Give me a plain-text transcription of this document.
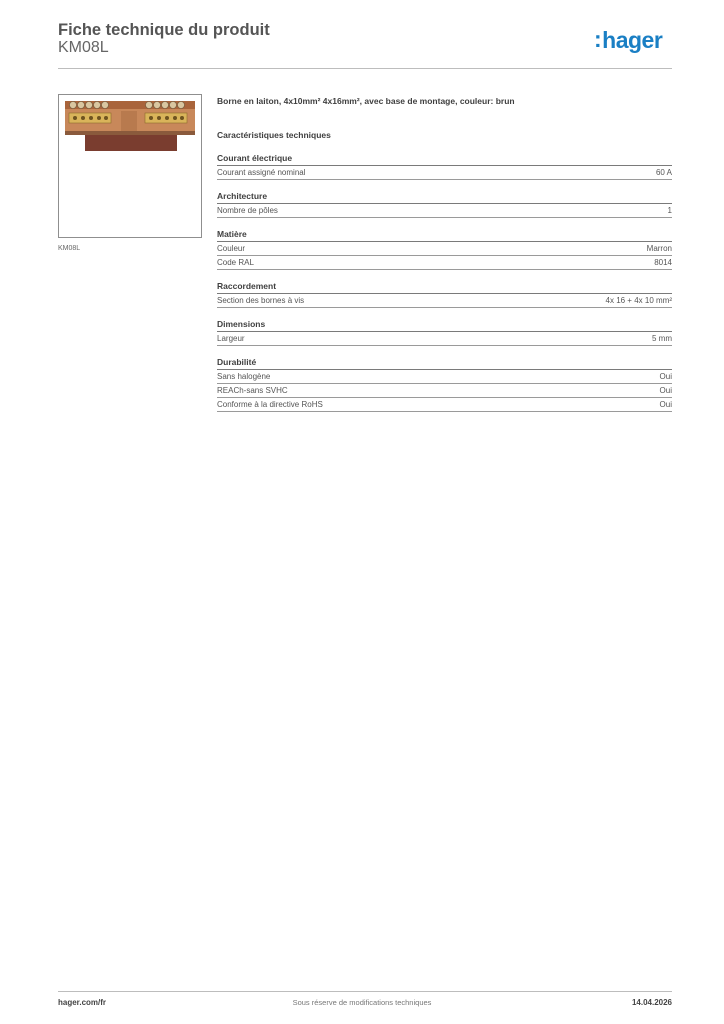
Fiche technique du produit
KM08L	:hager
KM08L
Borne en laiton, 4x10mm² 4x16mm², avec base de montage, couleur: brun
Caractéristiques techniques
Courant électrique
Courant assigné nominal	60 A
Architecture
Nombre de pôles	1
Matière
Couleur	Marron
Code RAL	8014
Raccordement
Section des bornes à vis	4x 16 + 4x 10 mm²
Dimensions
Largeur	5 mm
Durabilité
Sans halogène	Oui
REACh-sans SVHC	Oui
Conforme à la directive RoHS	Oui
hager.com/fr	Sous réserve de modifications techniques	14.04.2026
